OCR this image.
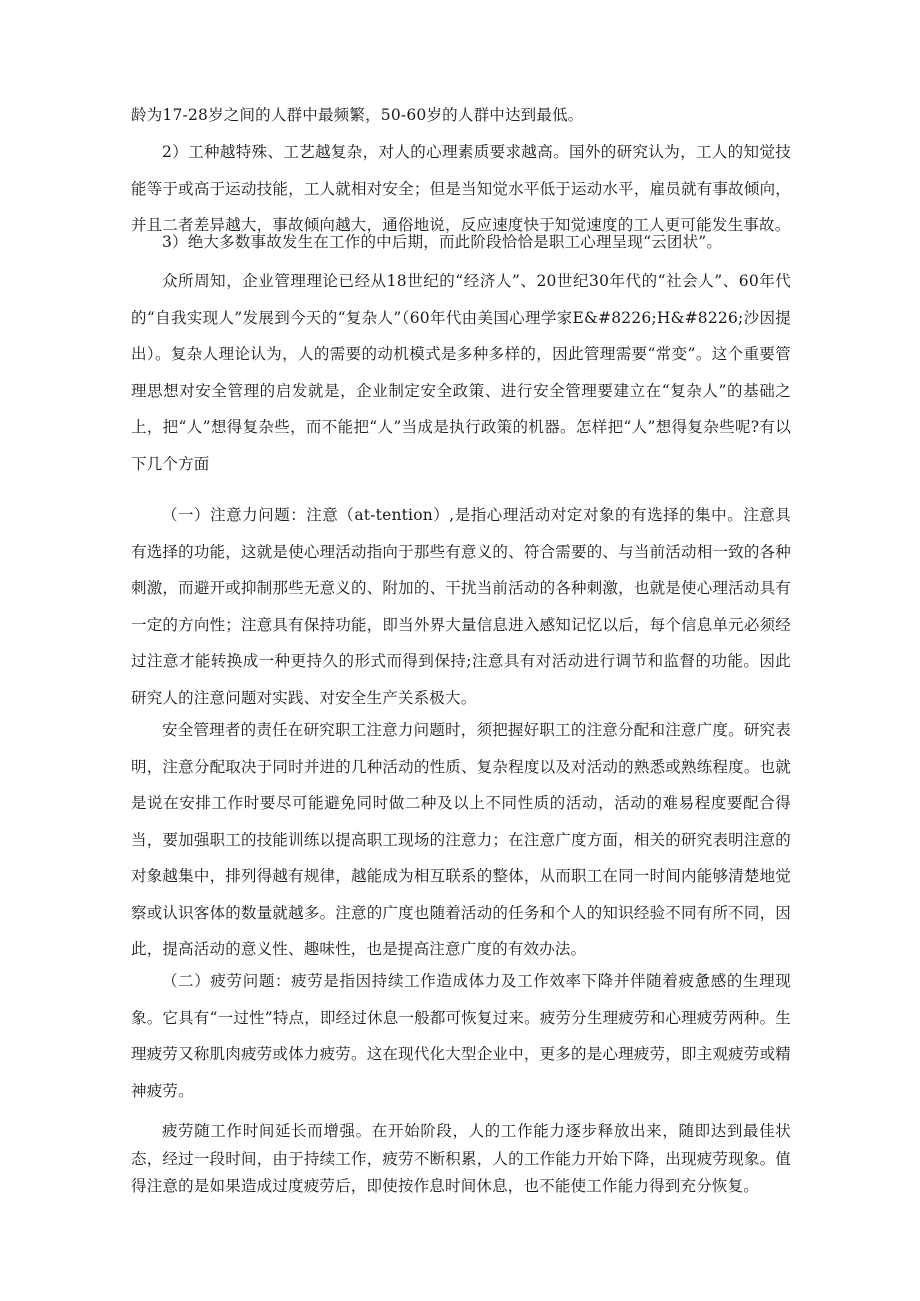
龄为17-28岁之间的人群中最频繁，50-60岁的人群中达到最低。

2）工种越特殊、工艺越复杂，对人的心理素质要求越高。国外的研究认为，工人的知觉技能等于或高于运动技能，工人就相对安全；但是当知觉水平低于运动水平，雇员就有事故倾向，并且二者差异越大，事故倾向越大，通俗地说，反应速度快于知觉速度的工人更可能发生事故。

3）绝大多数事故发生在工作的中后期，而此阶段恰恰是职工心理呈现“云团状”。

众所周知，企业管理理论已经从18世纪的“经济人”、20世纪30年代的“社会人”、60年代的“自我实现人”发展到今天的“复杂人”（60年代由美国心理学家E&#8226;H&#8226;沙因提出）。复杂人理论认为，人的需要的动机模式是多种多样的，因此管理需要“常变”。这个重要管理思想对安全管理的启发就是，企业制定安全政策、进行安全管理要建立在“复杂人”的基础之上，把“人”想得复杂些，而不能把“人”当成是执行政策的机器。怎样把“人”想得复杂些呢?有以下几个方面

（一）注意力问题：注意（at-tention）,是指心理活动对定对象的有选择的集中。注意具有选择的功能，这就是使心理活动指向于那些有意义的、符合需要的、与当前活动相一致的各种刺激，而避开或抑制那些无意义的、附加的、干扰当前活动的各种刺激，也就是使心理活动具有一定的方向性；注意具有保持功能，即当外界大量信息进入感知记忆以后，每个信息单元必须经过注意才能转换成一种更持久的形式而得到保持;注意具有对活动进行调节和监督的功能。因此研究人的注意问题对实践、对安全生产关系极大。

安全管理者的责任在研究职工注意力问题时，须把握好职工的注意分配和注意广度。研究表明，注意分配取决于同时并进的几种活动的性质、复杂程度以及对活动的熟悉或熟练程度。也就是说在安排工作时要尽可能避免同时做二种及以上不同性质的活动，活动的难易程度要配合得当，要加强职工的技能训练以提高职工现场的注意力；在注意广度方面，相关的研究表明注意的对象越集中，排列得越有规律，越能成为相互联系的整体，从而职工在同一时间内能够清楚地觉察或认识客体的数量就越多。注意的广度也随着活动的任务和个人的知识经验不同有所不同，因此，提高活动的意义性、趣味性，也是提高注意广度的有效办法。

（二）疲劳问题：疲劳是指因持续工作造成体力及工作效率下降并伴随着疲惫感的生理现象。它具有“一过性”特点，即经过休息一般都可恢复过来。疲劳分生理疲劳和心理疲劳两种。生理疲劳又称肌肉疲劳或体力疲劳。这在现代化大型企业中，更多的是心理疲劳，即主观疲劳或精神疲劳。

疲劳随工作时间延长而增强。在开始阶段，人的工作能力逐步释放出来，随即达到最佳状态，经过一段时间，由于持续工作，疲劳不断积累，人的工作能力开始下降，出现疲劳现象。值得注意的是如果造成过度疲劳后，即使按作息时间休息，也不能使工作能力得到充分恢复。
